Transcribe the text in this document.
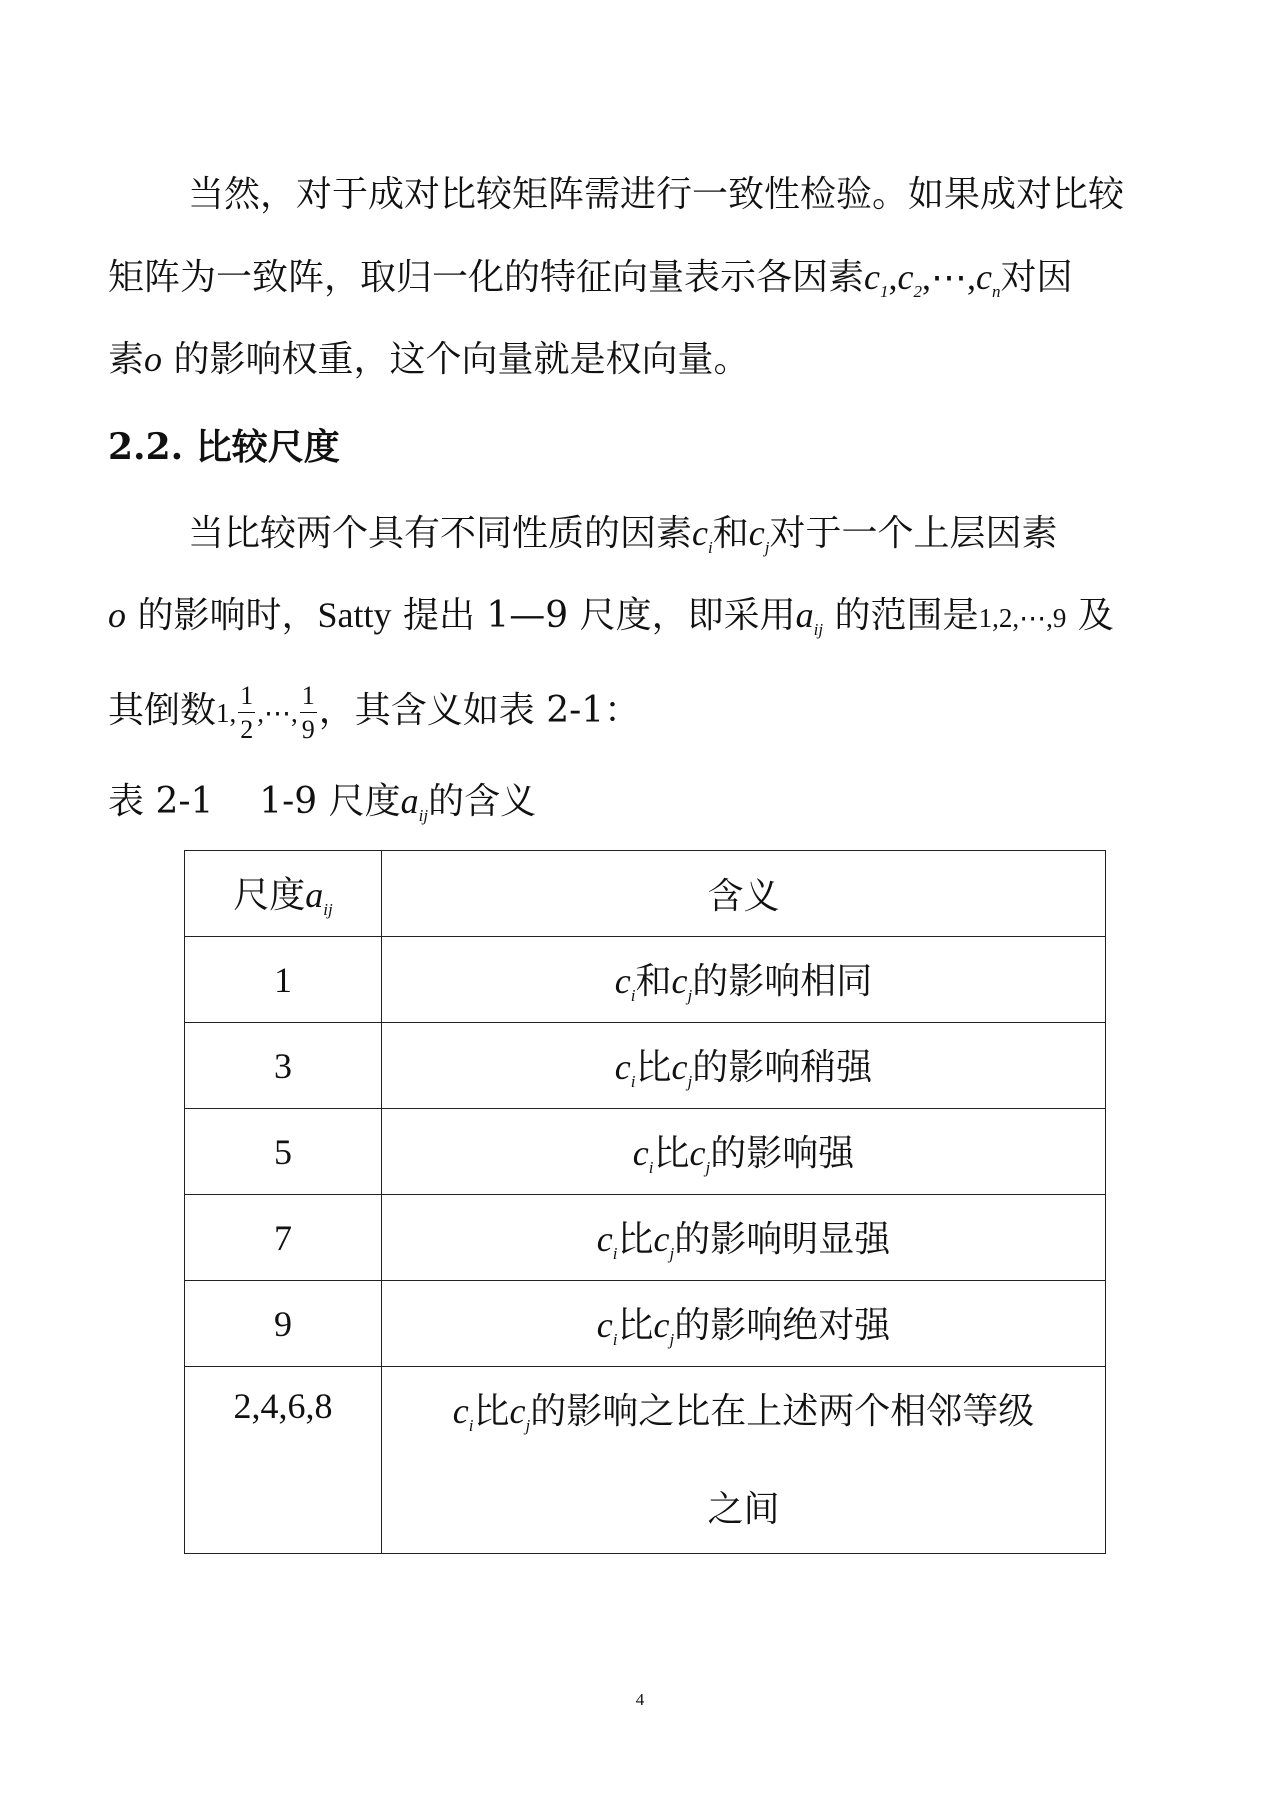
当然，对于成对比较矩阵需进行一致性检验。如果成对比较
矩阵为一致阵，取归一化的特征向量表示各因素$c_1,c_2,\cdots,c_n$对因
素o 的影响权重，这个向量就是权向量。
2.2. 比较尺度
当比较两个具有不同性质的因素$c_i$和$c_j$对于一个上层因素
o 的影响时，Satty 提出 1—9 尺度，即采用$a_{ij}$ 的范围是1,2,⋯,9 及
其倒数1, $\frac{1}{2}$ ,⋯, $\frac{1}{9}$ ，其含义如表 2-1：
表 2-1    1-9 尺度$a_{ij}$的含义
尺度$a_{ij}$	含义
1	$c_i$和$c_j$的影响相同
3	$c_i$比$c_j$的影响稍强
5	$c_i$比$c_j$的影响强
7	$c_i$比$c_j$的影响明显强
9	$c_i$比$c_j$的影响绝对强
2,4,6,8	$c_i$比$c_j$的影响之比在上述两个相邻等级
之间
4
